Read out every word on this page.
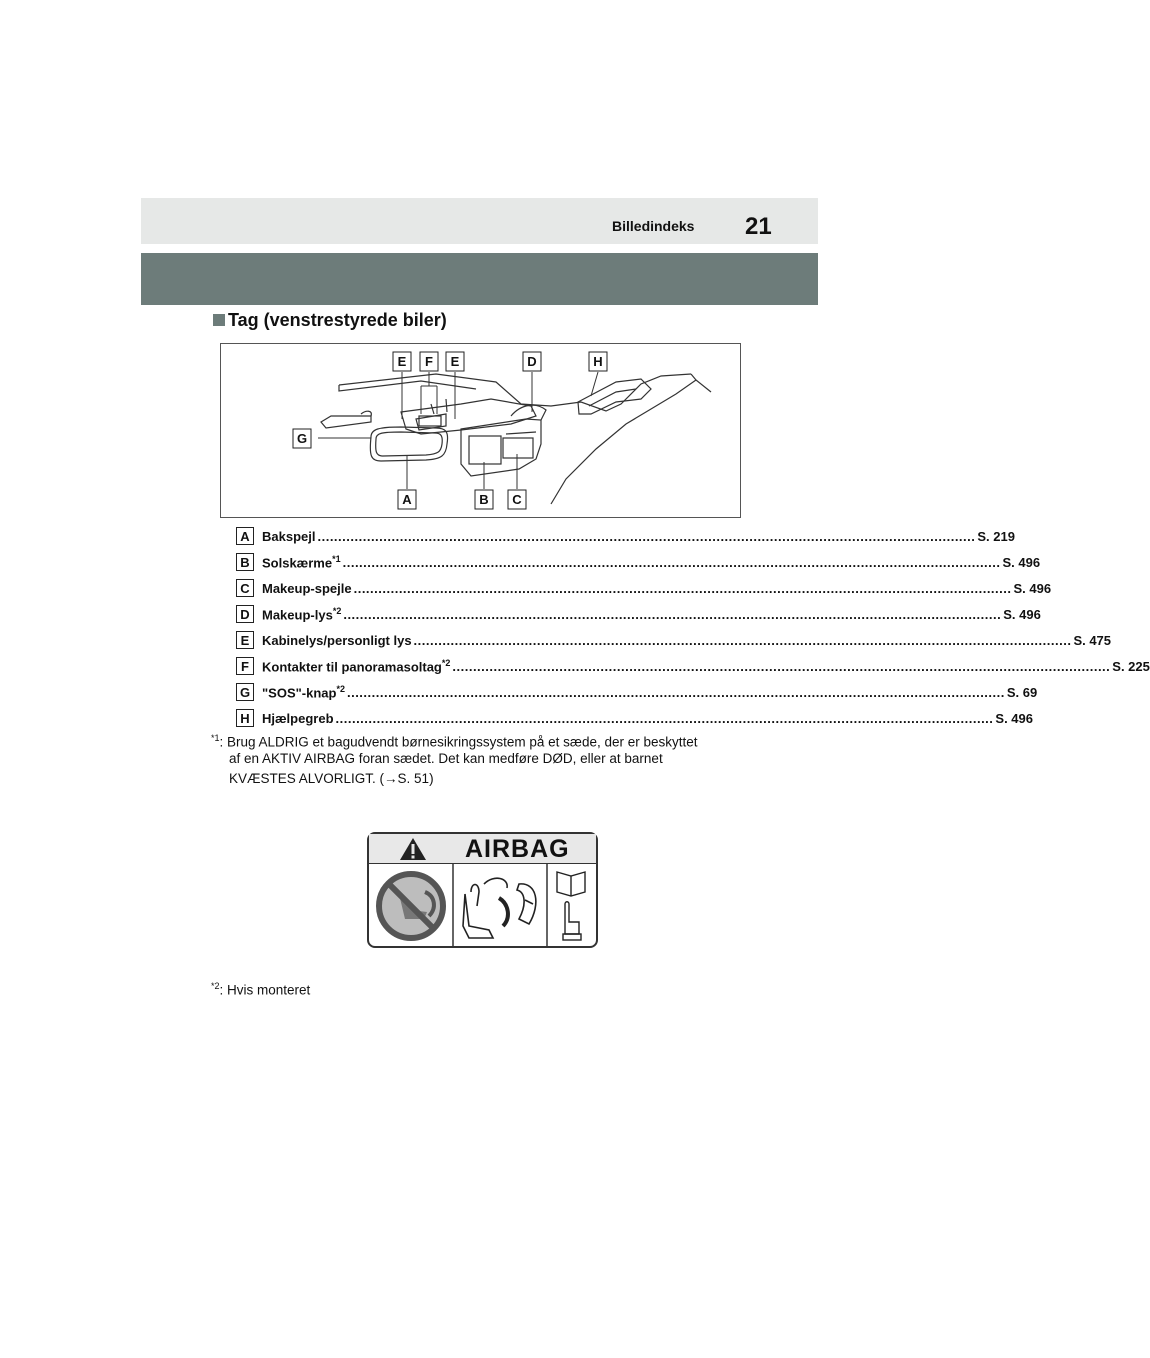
Billedindeks 21
Tag (venstrestyrede biler)
E F E	D	H
G
A	B C
A Bakspejl ................................................................................................................................................................ S. 219
B Solskærme$^{*1}$ ................................................................................................................................................................ S. 496
C Makeup-spejle ................................................................................................................................................................ S. 496
D Makeup-lys$^{*2}$ ................................................................................................................................................................ S. 496
E Kabinelys/personligt lys ................................................................................................................................................................ S. 475
F	Kontakter til panoramasoltag$^{*2}$ ................................................................................................................................................................ S. 225
G "SOS"-knap$^{*2}$ ................................................................................................................................................................ S. 69
H Hjælpegreb ................................................................................................................................................................ S. 496
$^{*1}$: Brug ALDRIG et bagudvendt børnesikringssystem på et sæde, der er beskyttet
af en AKTIV AIRBAG foran sædet. Det kan medføre DØD, eller at barnet
KVÆSTES ALVORLIGT. (→S. 51)
AIRBAG
$^{*2}$: Hvis monteret
